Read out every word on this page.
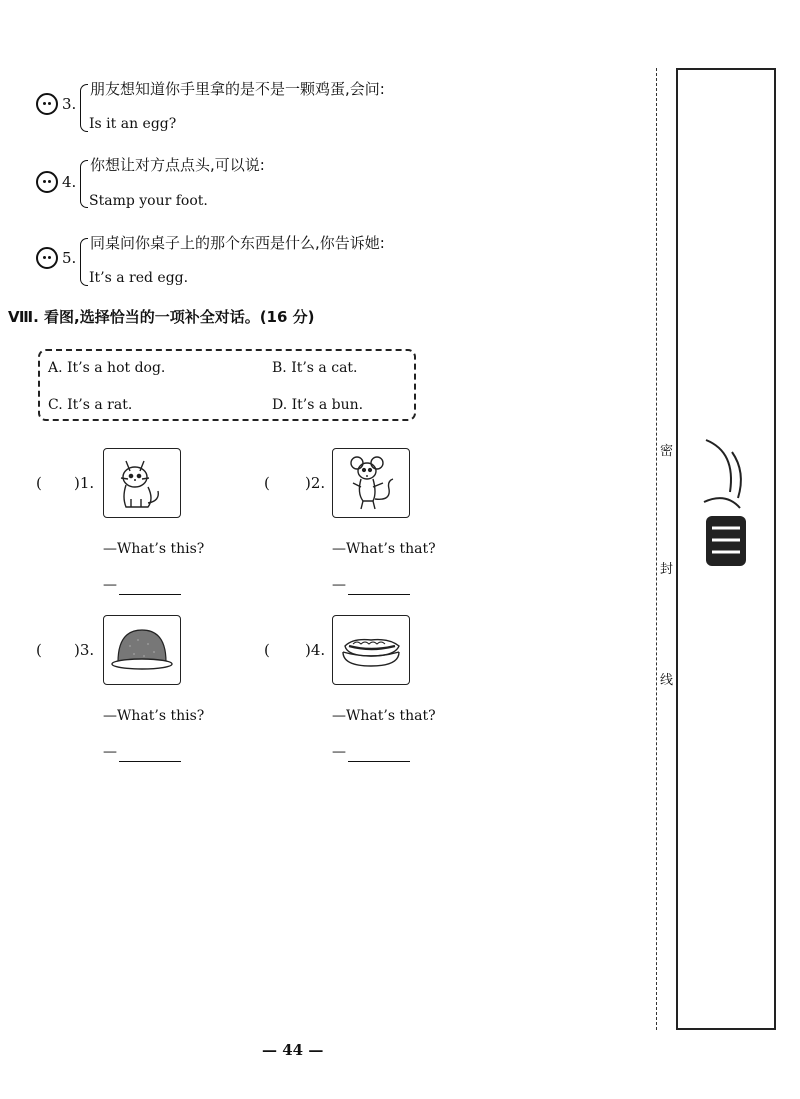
3.
朋友想知道你手里拿的是不是一颗鸡蛋,会问:
Is it an egg?
4.
你想让对方点点头,可以说:
Stamp your foot.
5.
同桌问你桌子上的那个东西是什么,你告诉她:
It’s a red egg.
Ⅷ. 看图,选择恰当的一项补全对话。(16 分)
A. It’s a hot dog.	B. It’s a cat.
C. It’s a rat.	D. It’s a bun.
( )1.
—What’s this?
—
( )2.
—What’s that?
—
( )3.
—What’s this?
—
( )4.
—What’s that?
—
密
封
线
— 44 —
